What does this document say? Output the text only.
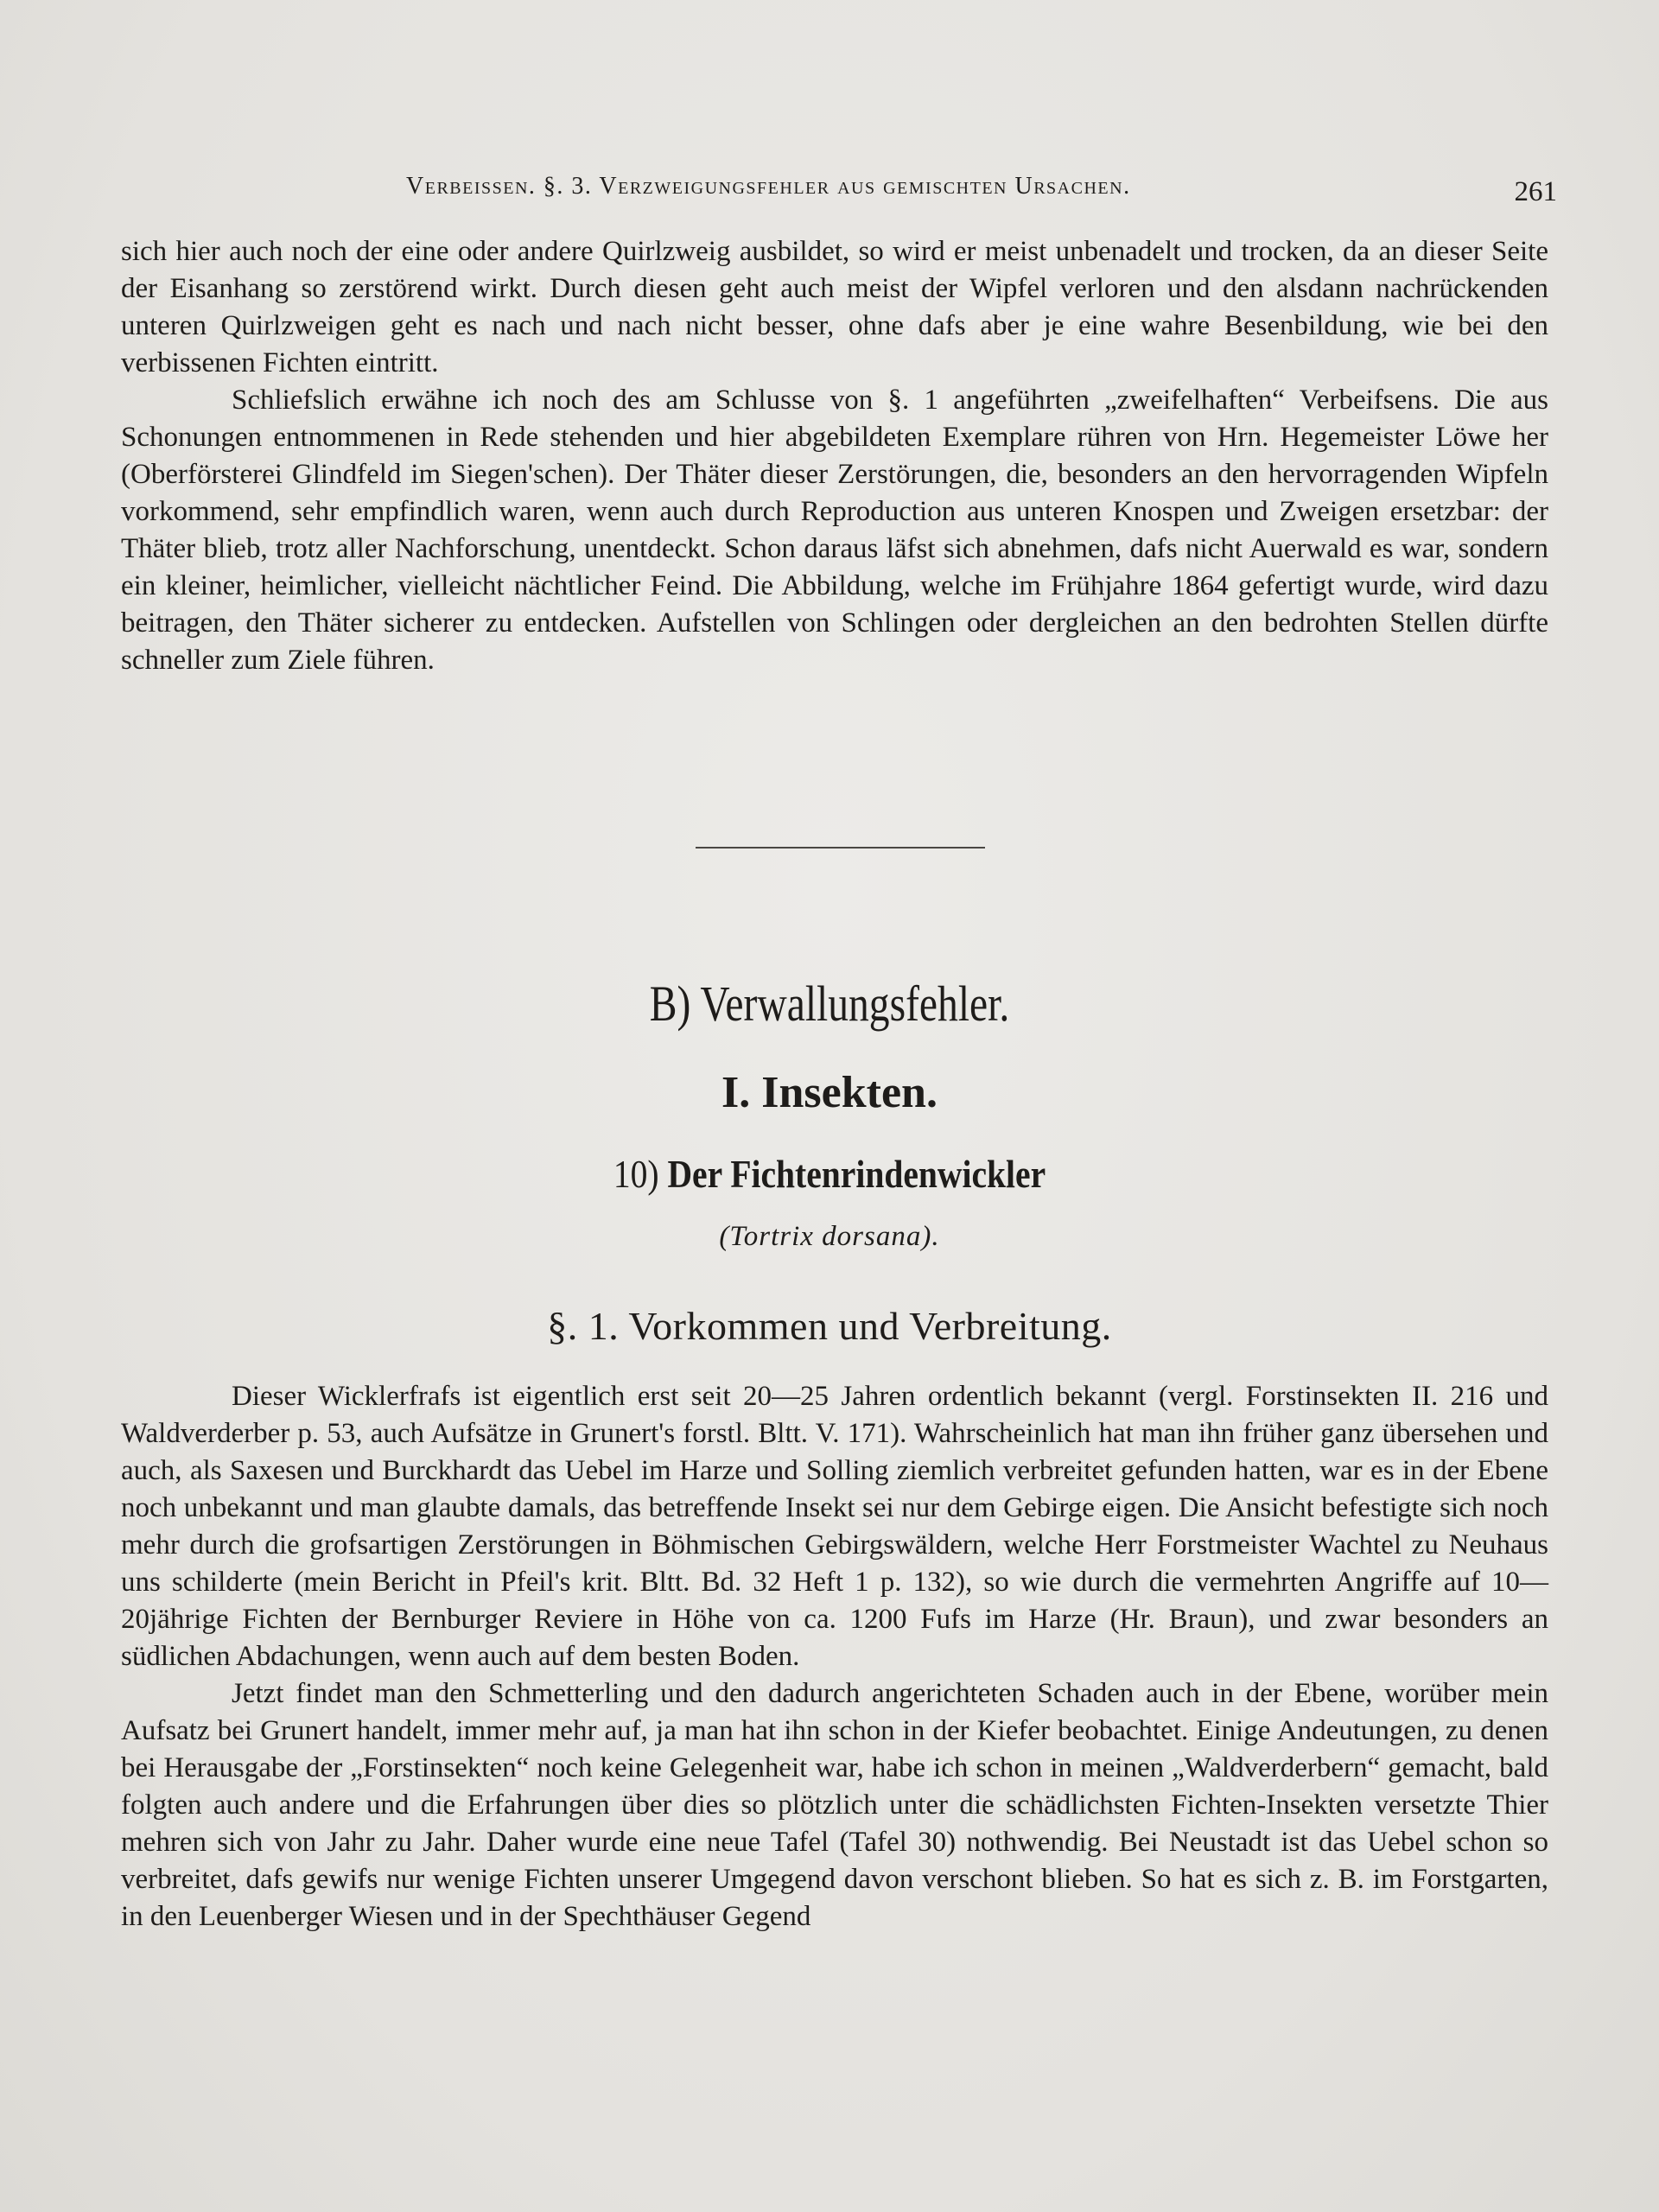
Verbeissen. §. 3. Verzweigungsfehler aus gemischten Ursachen.	261

sich hier auch noch der eine oder andere Quirlzweig ausbildet, so wird er meist unbenadelt und trocken, da an dieser Seite der Eisanhang so zerstörend wirkt. Durch diesen geht auch meist der Wipfel verloren und den alsdann nachrückenden unteren Quirlzweigen geht es nach und nach nicht besser, ohne dafs aber je eine wahre Besenbildung, wie bei den verbissenen Fichten eintritt.

Schliefslich erwähne ich noch des am Schlusse von §. 1 angeführten „zweifelhaften“ Verbeifsens. Die aus Schonungen entnommenen in Rede stehenden und hier abgebildeten Exemplare rühren von Hrn. Hegemeister Löwe her (Oberförsterei Glindfeld im Siegen'schen). Der Thäter dieser Zerstörungen, die, besonders an den hervorragenden Wipfeln vorkommend, sehr empfindlich waren, wenn auch durch Reproduction aus unteren Knospen und Zweigen ersetzbar: der Thäter blieb, trotz aller Nachforschung, unentdeckt. Schon daraus läfst sich abnehmen, dafs nicht Auerwald es war, sondern ein kleiner, heimlicher, vielleicht nächtlicher Feind. Die Abbildung, welche im Frühjahre 1864 gefertigt wurde, wird dazu beitragen, den Thäter sicherer zu entdecken. Aufstellen von Schlingen oder dergleichen an den bedrohten Stellen dürfte schneller zum Ziele führen.

B) Verwallungsfehler.
I. Insekten.
10) Der Fichtenrindenwickler
(Tortrix dorsana).
§. 1. Vorkommen und Verbreitung.

Dieser Wicklerfrafs ist eigentlich erst seit 20—25 Jahren ordentlich bekannt (vergl. Forstinsekten II. 216 und Waldverderber p. 53, auch Aufsätze in Grunert's forstl. Bltt. V. 171). Wahrscheinlich hat man ihn früher ganz übersehen und auch, als Saxesen und Burckhardt das Uebel im Harze und Solling ziemlich verbreitet gefunden hatten, war es in der Ebene noch unbekannt und man glaubte damals, das betreffende Insekt sei nur dem Gebirge eigen. Die Ansicht befestigte sich noch mehr durch die grofsartigen Zerstörungen in Böhmischen Gebirgswäldern, welche Herr Forstmeister Wachtel zu Neuhaus uns schilderte (mein Bericht in Pfeil's krit. Bltt. Bd. 32 Heft 1 p. 132), so wie durch die vermehrten Angriffe auf 10—20jährige Fichten der Bernburger Reviere in Höhe von ca. 1200 Fufs im Harze (Hr. Braun), und zwar besonders an südlichen Abdachungen, wenn auch auf dem besten Boden.

Jetzt findet man den Schmetterling und den dadurch angerichteten Schaden auch in der Ebene, worüber mein Aufsatz bei Grunert handelt, immer mehr auf, ja man hat ihn schon in der Kiefer beobachtet. Einige Andeutungen, zu denen bei Herausgabe der „Forstinsekten“ noch keine Gelegenheit war, habe ich schon in meinen „Waldverderbern“ gemacht, bald folgten auch andere und die Erfahrungen über dies so plötzlich unter die schädlichsten Fichten-Insekten versetzte Thier mehren sich von Jahr zu Jahr. Daher wurde eine neue Tafel (Tafel 30) nothwendig. Bei Neustadt ist das Uebel schon so verbreitet, dafs gewifs nur wenige Fichten unserer Umgegend davon verschont blieben. So hat es sich z. B. im Forstgarten, in den Leuenberger Wiesen und in der Spechthäuser Gegend
